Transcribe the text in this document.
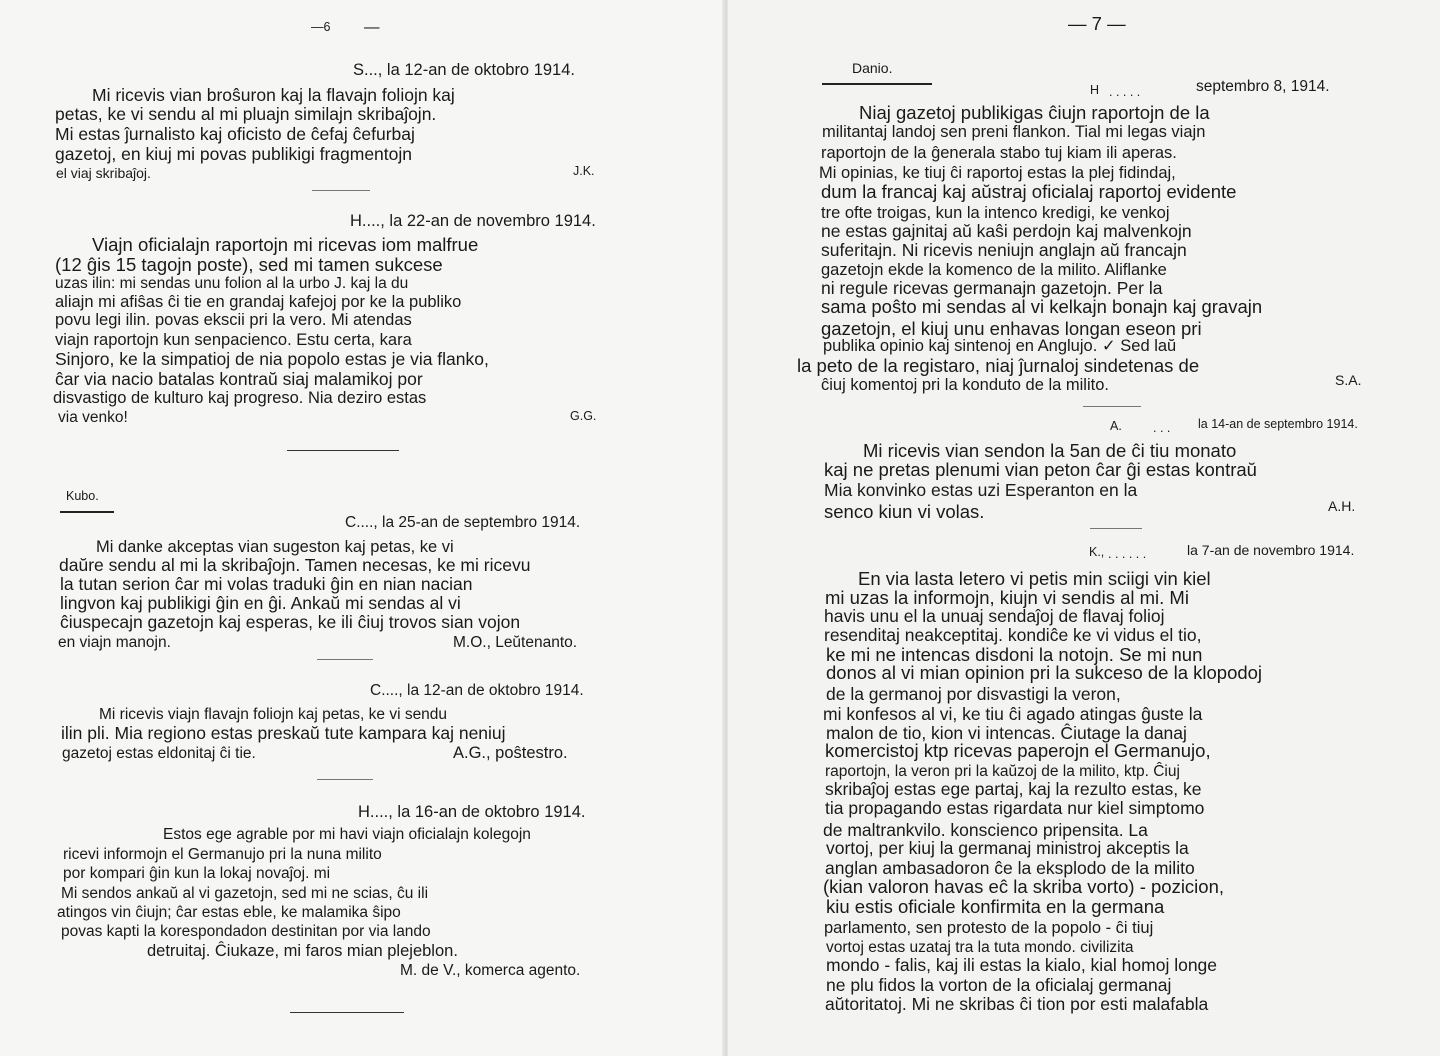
—6 —
S..., la 12-an de oktobro 1914.
Mi ricevis vian broŝuron kaj la flavajn foliojn kaj
petas, ke vi sendu al mi pluajn similajn skribaĵojn.
Mi estas ĵurnalisto kaj oficisto de ĉefaj ĉefurbaj
gazetoj, en kiuj mi povas publikigi fragmentojn
el viaj skribaĵoj.	J.K.
H...., la 22-an de novembro 1914.
Viajn oficialajn raportojn mi ricevas iom malfrue
(12 ĝis 15 tagojn poste), sed mi tamen sukcese
uzas ilin: mi sendas unu folion al la urbo J. kaj la du
aliajn mi afiŝas ĉi tie en grandaj kafejoj por ke la publiko
povu legi ilin. povas ekscii pri la vero. Mi atendas
viajn raportojn kun senpacienco. Estu certa, kara
Sinjoro, ke la simpatioj de nia popolo estas je via flanko,
ĉar via nacio batalas kontraŭ siaj malamikoj por
disvastigo de kulturo kaj progreso. Nia deziro estas
via venko!	G.G.
Kubo.
C...., la 25-an de septembro 1914.
Mi danke akceptas vian sugeston kaj petas, ke vi
daŭre sendu al mi la skribaĵojn. Tamen necesas, ke mi ricevu
la tutan serion ĉar mi volas traduki ĝin en nian nacian
lingvon kaj publikigi ĝin en ĝi. Ankaŭ mi sendas al vi
ĉiuspecajn gazetojn kaj esperas, ke ili ĉiuj trovos sian vojon
en viajn manojn.	M.O., Leŭtenanto.
C...., la 12-an de oktobro 1914.
Mi ricevis viajn flavajn foliojn kaj petas, ke vi sendu
ilin pli. Mia regiono estas preskaŭ tute kampara kaj neniuj
gazetoj estas eldonitaj ĉi tie.	A.G., poŝtestro.
H...., la 16-an de oktobro 1914.
Estos ege agrable por mi havi viajn oficialajn kolegojn
ricevi informojn el Germanujo pri la nuna milito
por kompari ĝin kun la lokaj novaĵoj. mi
Mi sendos ankaŭ al vi gazetojn, sed mi ne scias, ĉu ili
atingos vin ĉiujn; ĉar estas eble, ke malamika ŝipo
povas kapti la korespondadon destinitan por via lando
detruitaj. Ĉiukaze, mi faros mian plejeblon.
M. de V., komerca agento.
— 7 —
Danio.
H . . . . .	septembro 8, 1914.
Niaj gazetoj publikigas ĉiujn raportojn de la
militantaj landoj sen preni flankon. Tial mi legas viajn
raportojn de la ĝenerala stabo tuj kiam ili aperas.
Mi opinias, ke tiuj ĉi raportoj estas la plej fidindaj,
dum la francaj kaj aŭstraj oficialaj raportoj evidente
tre ofte troigas, kun la intenco kredigi, ke venkoj
ne estas gajnitaj aŭ kaŝi perdojn kaj malvenkojn
suferitajn. Ni ricevis neniujn anglajn aŭ francajn
gazetojn ekde la komenco de la milito. Aliflanke
ni regule ricevas germanajn gazetojn. Per la
sama poŝto mi sendas al vi kelkajn bonajn kaj gravajn
gazetojn, el kiuj unu enhavas longan eseon pri
publika opinio kaj sintenoj en Anglujo. ✓ Sed laŭ
la peto de la registaro, niaj ĵurnaloj sindetenas de
ĉiuj komentoj pri la konduto de la milito.	S.A.
A. . . . la 14-an de septembro 1914.
Mi ricevis vian sendon la 5an de ĉi tiu monato
kaj ne pretas plenumi vian peton ĉar ĝi estas kontraŭ
Mia konvinko estas uzi Esperanton en la
senco kiun vi volas.	A.H.
K., . . . . . .	la 7-an de novembro 1914.
En via lasta letero vi petis min sciigi vin kiel
mi uzas la informojn, kiujn vi sendis al mi. Mi
havis unu el la unuaj sendaĵoj de flavaj folioj
resenditaj neakceptitaj. kondiĉe ke vi vidus el tio,
ke mi ne intencas disdoni la notojn. Se mi nun
donos al vi mian opinion pri la sukceso de la klopodoj
de la germanoj por disvastigi la veron,
mi konfesos al vi, ke tiu ĉi agado atingas ĝuste la
malon de tio, kion vi intencas. Ĉiutage la danaj
komercistoj ktp ricevas paperojn el Germanujo,
raportojn, la veron pri la kaŭzoj de la milito, ktp. Ĉiuj
skribaĵoj estas ege partaj, kaj la rezulto estas, ke
tia propagando estas rigardata nur kiel simptomo
de maltrankvilo. konscienco pripensita. La
vortoj, per kiuj la germanaj ministroj akceptis la
anglan ambasadoron ĉe la eksplodo de la milito
(kian valoron havas eĉ la skriba vorto) - pozicion,
kiu estis oficiale konfirmita en la germana
parlamento, sen protesto de la popolo - ĉi tiuj
vortoj estas uzataj tra la tuta mondo. civilizita
mondo - falis, kaj ili estas la kialo, kial homoj longe
ne plu fidos la vorton de la oficialaj germanaj
aŭtoritatoj. Mi ne skribas ĉi tion por esti malafabla
